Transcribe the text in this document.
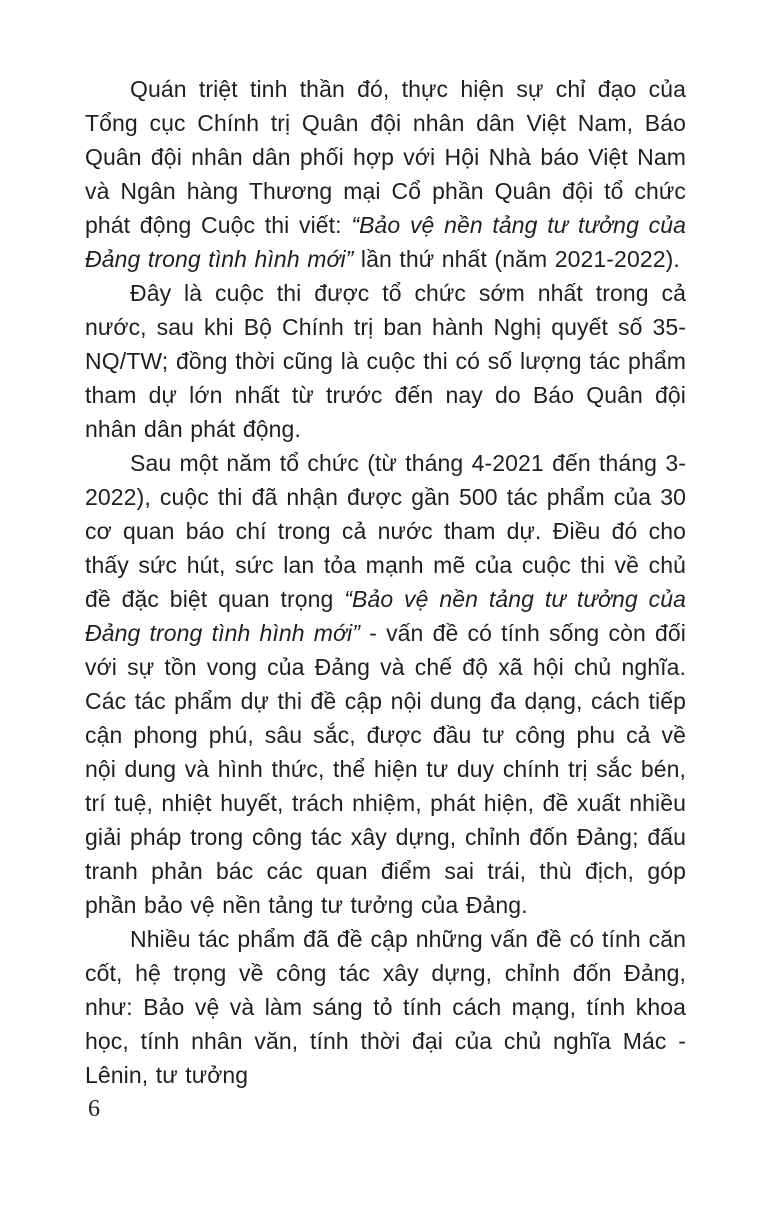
Quán triệt tinh thần đó, thực hiện sự chỉ đạo của Tổng cục Chính trị Quân đội nhân dân Việt Nam, Báo Quân đội nhân dân phối hợp với Hội Nhà báo Việt Nam và Ngân hàng Thương mại Cổ phần Quân đội tổ chức phát động Cuộc thi viết: “Bảo vệ nền tảng tư tưởng của Đảng trong tình hình mới” lần thứ nhất (năm 2021-2022).

Đây là cuộc thi được tổ chức sớm nhất trong cả nước, sau khi Bộ Chính trị ban hành Nghị quyết số 35-NQ/TW; đồng thời cũng là cuộc thi có số lượng tác phẩm tham dự lớn nhất từ trước đến nay do Báo Quân đội nhân dân phát động.

Sau một năm tổ chức (từ tháng 4-2021 đến tháng 3-2022), cuộc thi đã nhận được gần 500 tác phẩm của 30 cơ quan báo chí trong cả nước tham dự. Điều đó cho thấy sức hút, sức lan tỏa mạnh mẽ của cuộc thi về chủ đề đặc biệt quan trọng “Bảo vệ nền tảng tư tưởng của Đảng trong tình hình mới” - vấn đề có tính sống còn đối với sự tồn vong của Đảng và chế độ xã hội chủ nghĩa. Các tác phẩm dự thi đề cập nội dung đa dạng, cách tiếp cận phong phú, sâu sắc, được đầu tư công phu cả về nội dung và hình thức, thể hiện tư duy chính trị sắc bén, trí tuệ, nhiệt huyết, trách nhiệm, phát hiện, đề xuất nhiều giải pháp trong công tác xây dựng, chỉnh đốn Đảng; đấu tranh phản bác các quan điểm sai trái, thù địch, góp phần bảo vệ nền tảng tư tưởng của Đảng.

Nhiều tác phẩm đã đề cập những vấn đề có tính căn cốt, hệ trọng về công tác xây dựng, chỉnh đốn Đảng, như: Bảo vệ và làm sáng tỏ tính cách mạng, tính khoa học, tính nhân văn, tính thời đại của chủ nghĩa Mác - Lênin, tư tưởng

6
